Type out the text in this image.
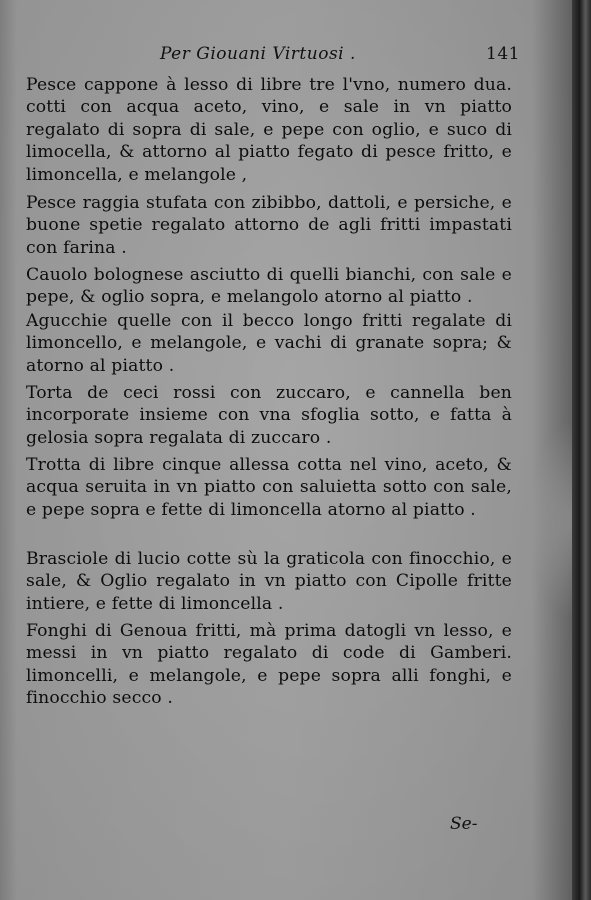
Per Giouani Virtuosi .	141

Pesce cappone à lesso di libre tre l'vno, numero dua. cotti con acqua aceto, vino, e sale in vn piatto regalato di sopra di sale, e pepe con oglio, e suco di limocella, & attorno al piatto fegato di pesce fritto, e limoncella, e melangole ,

Pesce raggia stufata con zibibbo, dattoli, e persiche, e buone spetie regalato attorno de agli fritti impastati con farina .

Cauolo bolognese asciutto di quelli bianchi, con sale e pepe, & oglio sopra, e melangolo atorno al piatto .

Agucchie quelle con il becco longo fritti regalate di limoncello, e melangole, e vachi di granate sopra; & atorno al piatto .

Torta de ceci rossi con zuccaro, e cannella ben incorporate insieme con vna sfoglia sotto, e fatta à gelosia sopra regalata di zuccaro .

Trotta di libre cinque allessa cotta nel vino, aceto, & acqua seruita in vn piatto con saluietta sotto con sale, e pepe sopra e fette di limoncella atorno al piatto .

Brasciole di lucio cotte sù la graticola con finocchio, e sale, & Oglio regalato in vn piatto con Cipolle fritte intiere, e fette di limoncella .

Fonghi di Genoua fritti, mà prima datogli vn lesso, e messi in vn piatto regalato di code di Gamberi. limoncelli, e melangole, e pepe sopra alli fonghi, e finocchio secco .

Se-
